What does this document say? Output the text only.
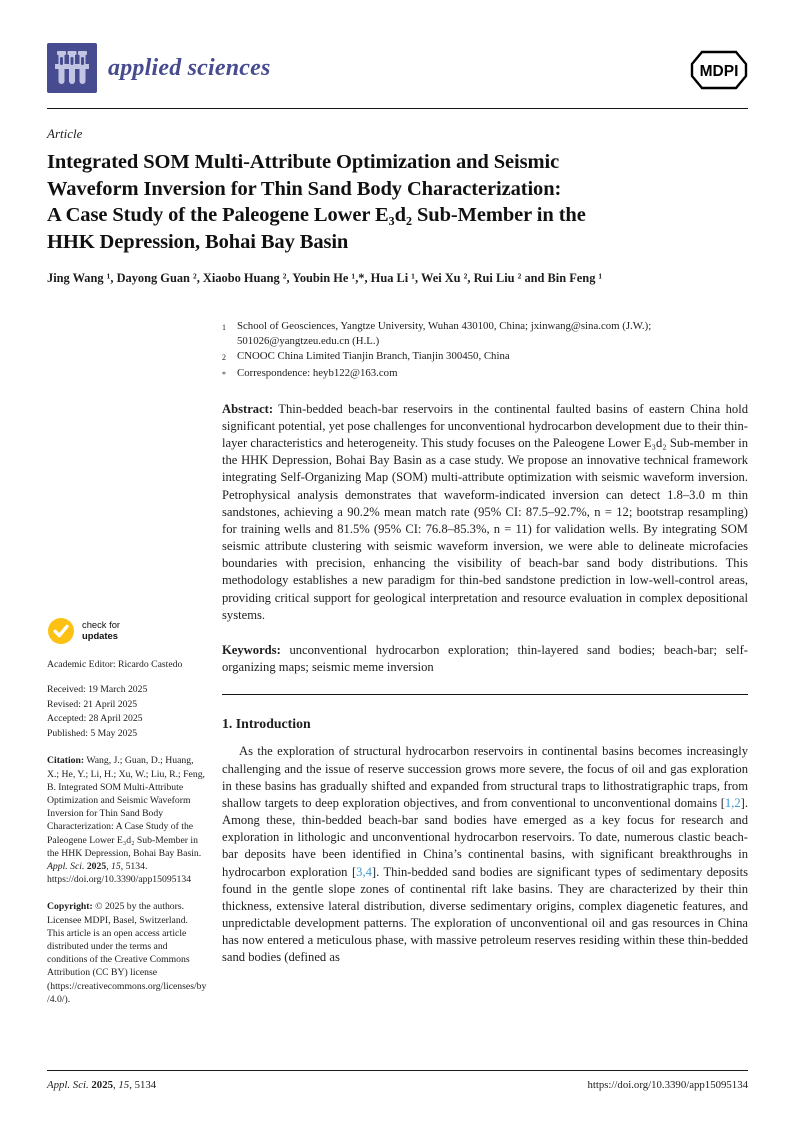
applied sciences	MDPI
Article
Integrated SOM Multi-Attribute Optimization and Seismic
Waveform Inversion for Thin Sand Body Characterization:
A Case Study of the Paleogene Lower E₃d₂ Sub-Member in the
HHK Depression, Bohai Bay Basin
Jing Wang ¹, Dayong Guan ², Xiaobo Huang ², Youbin He ¹,*, Hua Li ¹, Wei Xu ², Rui Liu ² and Bin Feng ¹
check for
updates
Academic Editor: Ricardo Castedo
Received: 19 March 2025
Revised: 21 April 2025
Accepted: 28 April 2025
Published: 5 May 2025
Citation: Wang, J.; Guan, D.; Huang, X.; He, Y.; Li, H.; Xu, W.; Liu, R.; Feng, B. Integrated SOM Multi-Attribute Optimization and Seismic Waveform Inversion for Thin Sand Body Characterization: A Case Study of the Paleogene Lower E₃d₂ Sub-Member in the HHK Depression, Bohai Bay Basin. Appl. Sci. 2025, 15, 5134. https://doi.org/10.3390/app15095134
Copyright: © 2025 by the authors. Licensee MDPI, Basel, Switzerland. This article is an open access article distributed under the terms and conditions of the Creative Commons Attribution (CC BY) license (https://creativecommons.org/licenses/by/4.0/).
1	School of Geosciences, Yangtze University, Wuhan 430100, China; jxinwang@sina.com (J.W.); 501026@yangtzeu.edu.cn (H.L.)
2	CNOOC China Limited Tianjin Branch, Tianjin 300450, China
*	Correspondence: heyb122@163.com
Abstract: Thin-bedded beach-bar reservoirs in the continental faulted basins of eastern China hold significant potential, yet pose challenges for unconventional hydrocarbon development due to their thin-layer characteristics and heterogeneity. This study focuses on the Paleogene Lower E₃d₂ Sub-member in the HHK Depression, Bohai Bay Basin as a case study. We propose an innovative technical framework integrating Self-Organizing Map (SOM) multi-attribute optimization with seismic waveform inversion. Petrophysical analysis demonstrates that waveform-indicated inversion can detect 1.8–3.0 m thin sandstones, achieving a 90.2% mean match rate (95% CI: 87.5–92.7%, n = 12; bootstrap resampling) for training wells and 81.5% (95% CI: 76.8–85.3%, n = 11) for validation wells. By integrating SOM seismic attribute clustering with seismic waveform inversion, we were able to delineate microfacies boundaries with precision, enhancing the visibility of beach-bar sand body distributions. This methodology establishes a new paradigm for thin-bed sandstone prediction in low-well-control areas, providing critical support for geological interpretation and resource evaluation in complex depositional systems.
Keywords: unconventional hydrocarbon exploration; thin-layered sand bodies; beach-bar; self-organizing maps; seismic meme inversion
1. Introduction
As the exploration of structural hydrocarbon reservoirs in continental basins becomes increasingly challenging and the issue of reserve succession grows more severe, the focus of oil and gas exploration in these basins has gradually shifted and expanded from structural traps to lithostratigraphic traps, from shallow targets to deep exploration objectives, and from conventional to unconventional domains [1,2]. Among these, thin-bedded beach-bar sand bodies have emerged as a key focus for research and exploration in lithologic and unconventional hydrocarbon reservoirs. To date, numerous clastic beach-bar deposits have been identified in China’s continental basins, with significant breakthroughs in hydrocarbon exploration [3,4]. Thin-bedded sand bodies are significant types of sedimentary deposits found in the gentle slope zones of continental rift lake basins. They are characterized by their thin thickness, extensive lateral distribution, diverse sedimentary origins, complex diagenetic features, and unpredictable development patterns. The exploration of unconventional oil and gas resources in China has now entered a meticulous phase, with massive petroleum reserves residing within these thin-bedded sand bodies (defined as
Appl. Sci. 2025, 15, 5134	https://doi.org/10.3390/app15095134
